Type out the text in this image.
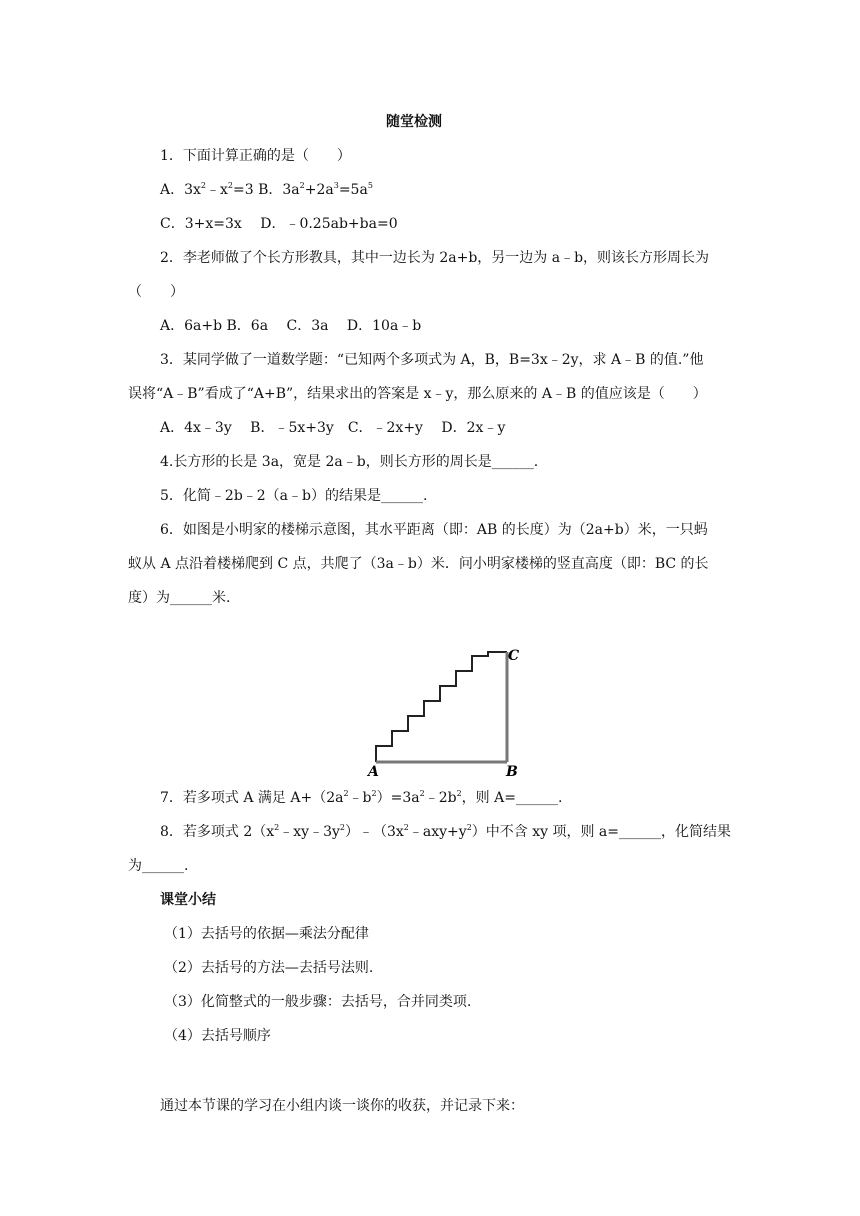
随堂检测
1．下面计算正确的是（　　）
A．$3x^2﹣x^2=3$ B．$3a^2+2a^3=5a^5$
C．3+x=3x　 D．﹣0.25ab+ba=0
2．李老师做了个长方形教具，其中一边长为 2a+b，另一边为 a﹣b，则该长方形周长为
（　　）
A．6a+b B．6a　 C．3a　 D．10a﹣b
3．某同学做了一道数学题：“已知两个多项式为 A，B，B=3x﹣2y，求 A﹣B 的值.”他
误将“A﹣B”看成了“A+B”，结果求出的答案是 x﹣y，那么原来的 A﹣B 的值应该是（　　）
A．4x﹣3y　 B．﹣5x+3y　C．﹣2x+y　 D．2x﹣y
4.长方形的长是 3a，宽是 2a﹣b，则长方形的周长是______.
5．化简﹣2b﹣2（a﹣b）的结果是______.
6．如图是小明家的楼梯示意图，其水平距离（即：AB 的长度）为（2a+b）米，一只蚂
蚁从 A 点沿着楼梯爬到 C 点，共爬了（3a﹣b）米．问小明家楼梯的竖直高度（即：BC 的长
度）为______米.
A	B
C
7．若多项式 A 满足 $A+(2a^2﹣b^2)=3a^2﹣2b^2$，则 A=______.
8．若多项式 $2(x^2﹣xy﹣3y^2)﹣(3x^2﹣axy+y^2)$中不含 xy 项，则 a=______，化简结果
为______.
课堂小结
（1）去括号的依据—乘法分配律
（2）去括号的方法—去括号法则.
（3）化简整式的一般步骤：去括号，合并同类项.
（4）去括号顺序
通过本节课的学习在小组内谈一谈你的收获，并记录下来：
